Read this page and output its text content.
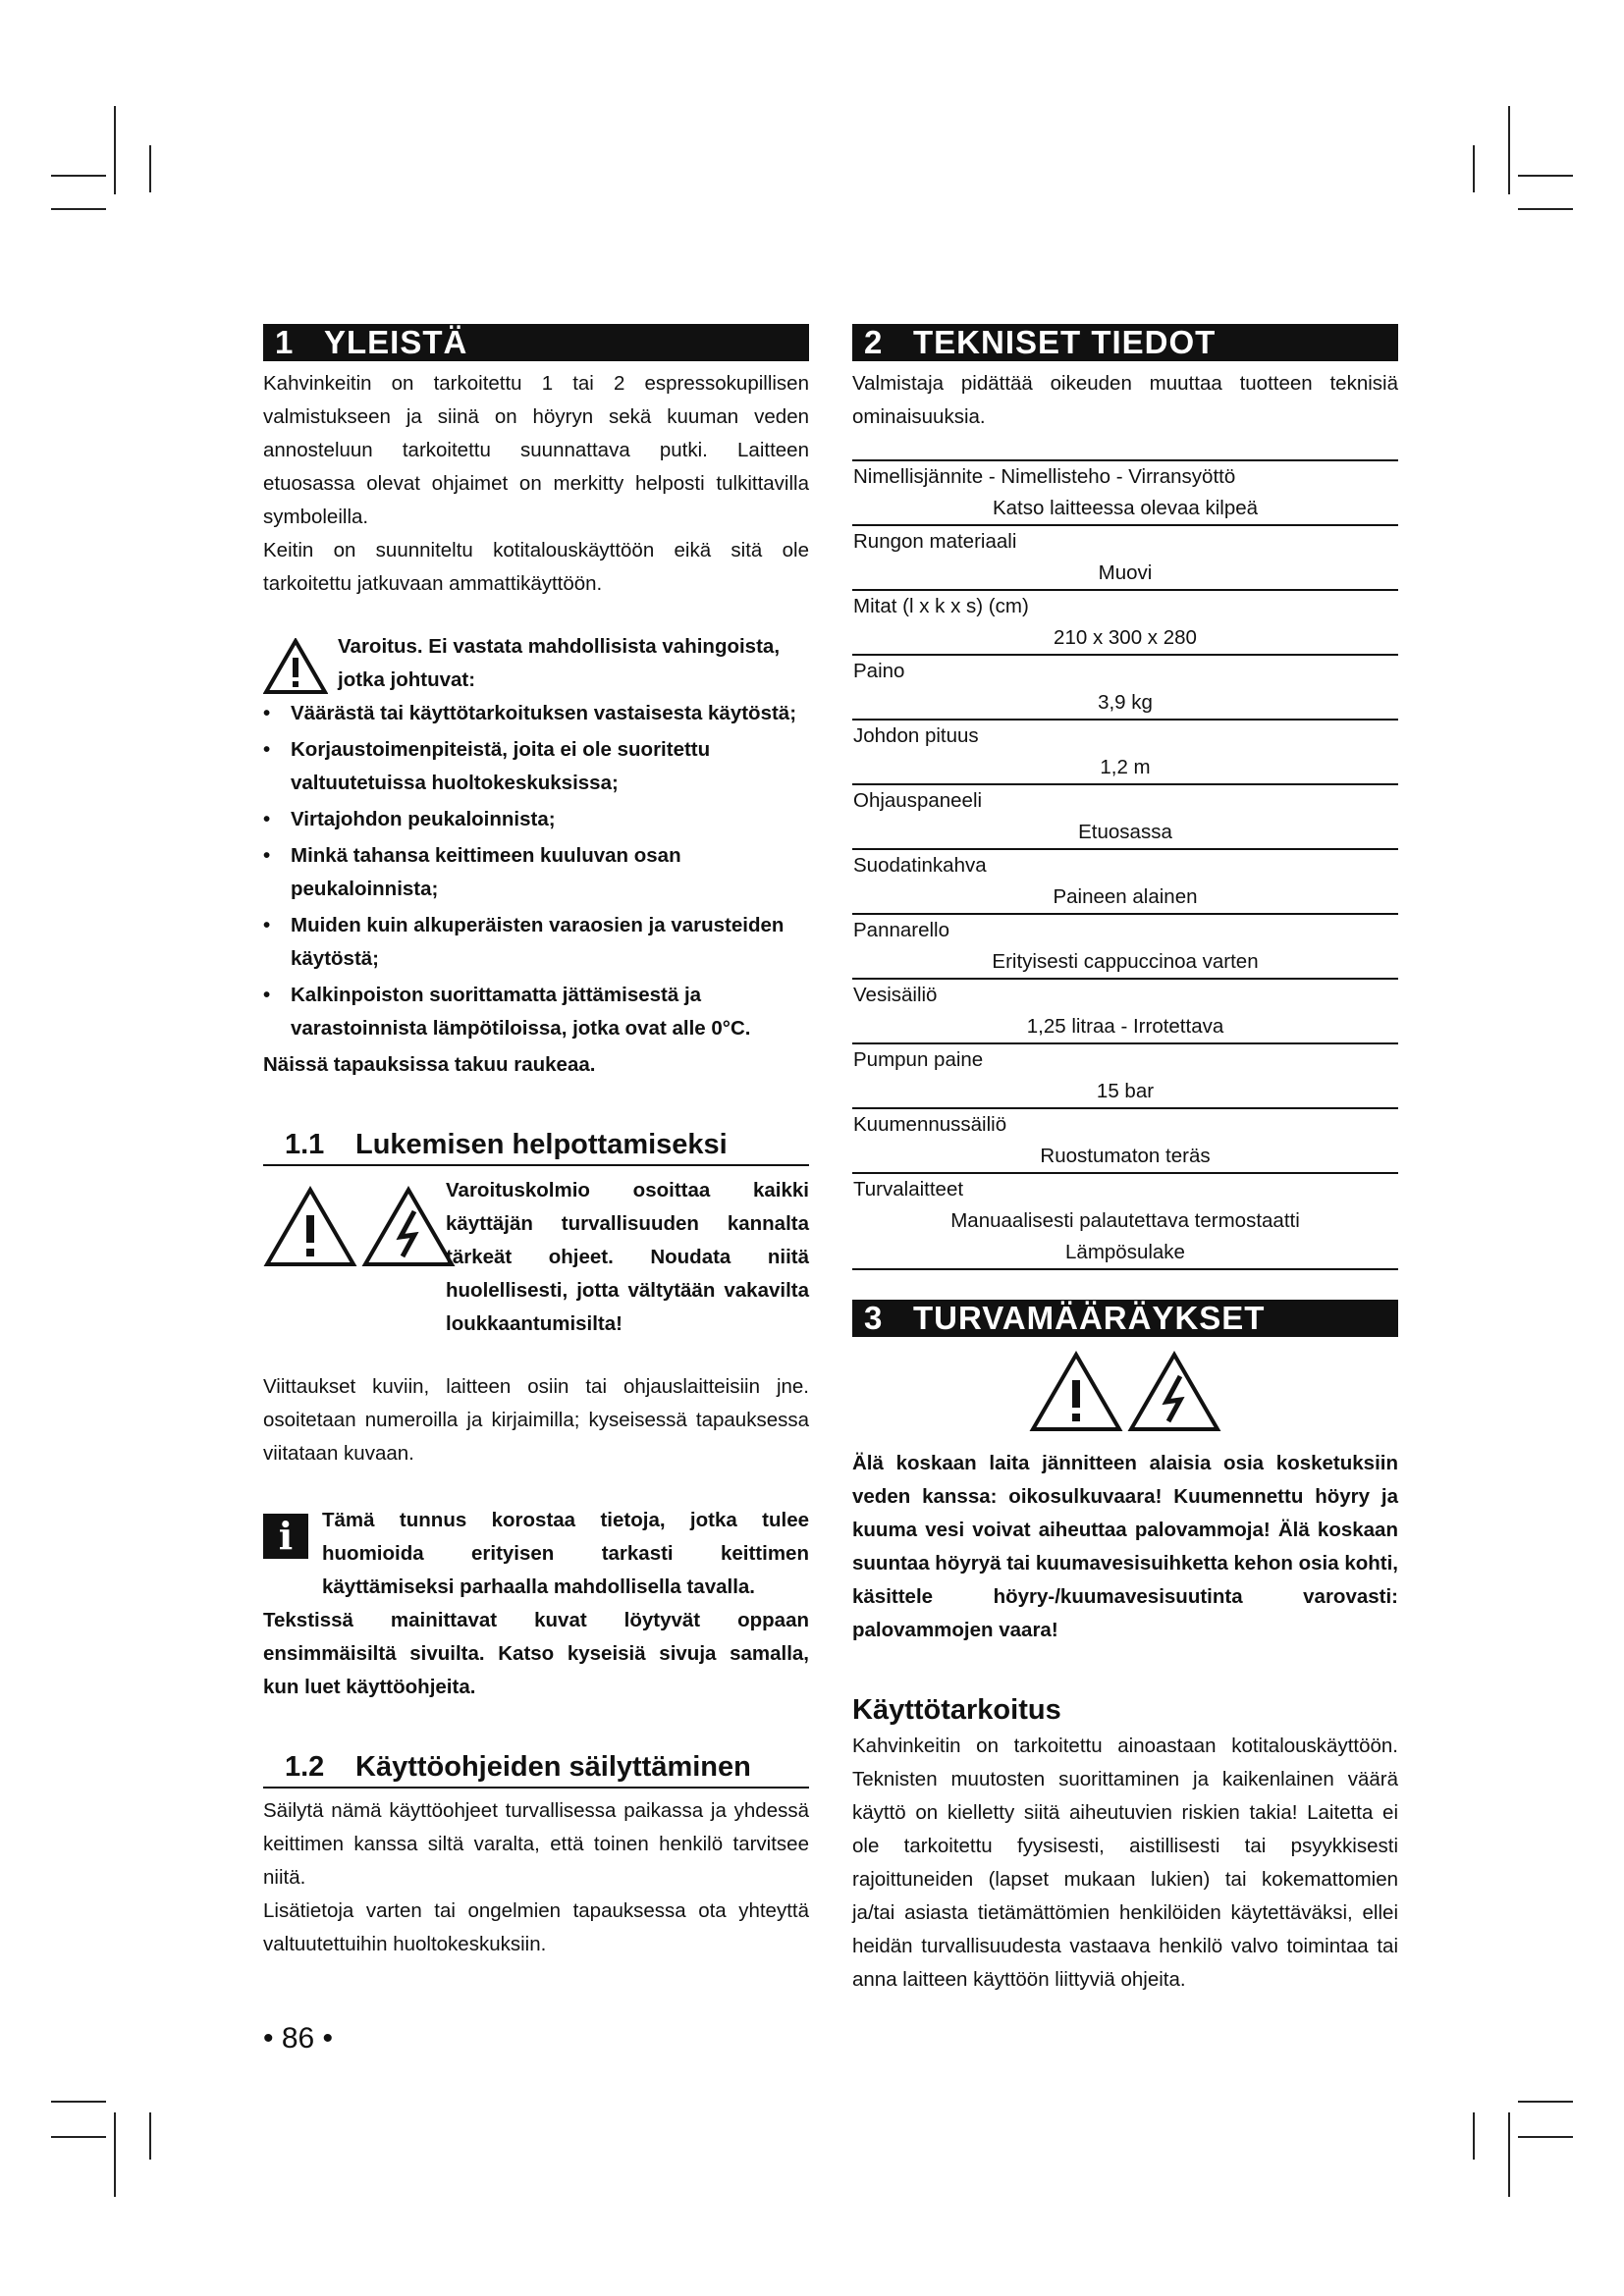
1 YLEISTÄ

Kahvinkeitin on tarkoitettu 1 tai 2 espressokupillisen valmistukseen ja siinä on höyryn sekä kuuman veden annosteluun tarkoitettu suunnattava putki. Laitteen etuosassa olevat ohjaimet on merkitty helposti tulkittavilla symboleilla.

Keitin on suunniteltu kotitalouskäyttöön eikä sitä ole tarkoitettu jatkuvaan ammattikäyttöön.

Varoitus. Ei vastata mahdollisista vahingoista, jotka johtuvat:
• Väärästä tai käyttötarkoituksen vastaisesta käytöstä;
• Korjaustoimenpiteistä, joita ei ole suoritettu valtuutetuissa huoltokeskuksissa;
• Virtajohdon peukaloinnista;
• Minkä tahansa keittimeen kuuluvan osan peukaloinnista;
• Muiden kuin alkuperäisten varaosien ja varusteiden käytöstä;
• Kalkinpoiston suorittamatta jättämisestä ja varastoinnista lämpötiloissa, jotka ovat alle 0°C.

Näissä tapauksissa takuu raukeaa.

1.1 Lukemisen helpottamiseksi

Varoituskolmio osoittaa kaikki käyttäjän turvallisuuden kannalta tärkeät ohjeet. Noudata niitä huolellisesti, jotta vältytään vakavilta loukkaantumisilta!

Viittaukset kuviin, laitteen osiin tai ohjauslaitteisiin jne. osoitetaan numeroilla ja kirjaimilla; kyseisessä tapauksessa viitataan kuvaan.

i	Tämä tunnus korostaa tietoja, jotka tulee huomioida erityisen tarkasti keittimen käyttämiseksi parhaalla mahdollisella tavalla.

Tekstissä mainittavat kuvat löytyvät oppaan ensimmäisiltä sivuilta. Katso kyseisiä sivuja samalla, kun luet käyttöohjeita.

1.2 Käyttöohjeiden säilyttäminen

Säilytä nämä käyttöohjeet turvallisessa paikassa ja yhdessä keittimen kanssa siltä varalta, että toinen henkilö tarvitsee niitä.

Lisätietoja varten tai ongelmien tapauksessa ota yhteyttä valtuutettuihin huoltokeskuksiin.

2 TEKNISET TIEDOT

Valmistaja pidättää oikeuden muuttaa tuotteen teknisiä ominaisuuksia.

Nimellisjännite - Nimellisteho - Virransyöttö
Katso laitteessa olevaa kilpeä
Rungon materiaali
Muovi
Mitat (l x k x s) (cm)
210 x 300 x 280
Paino
3,9 kg
Johdon pituus
1,2 m
Ohjauspaneeli
Etuosassa
Suodatinkahva
Paineen alainen
Pannarello
Erityisesti cappuccinoa varten
Vesisäiliö
1,25 litraa - Irrotettava
Pumpun paine
15 bar
Kuumennussäiliö
Ruostumaton teräs
Turvalaitteet
Manuaalisesti palautettava termostaatti
Lämpösulake

3 TURVAMÄÄRÄYKSET

Älä koskaan laita jännitteen alaisia osia kosketuksiin veden kanssa: oikosulkuvaara! Kuumennettu höyry ja kuuma vesi voivat aiheuttaa palovammoja! Älä koskaan suuntaa höyryä tai kuumavesisuihketta kehon osia kohti, käsittele höyry-/kuumavesisuutinta varovasti: palovammojen vaara!

Käyttötarkoitus

Kahvinkeitin on tarkoitettu ainoastaan kotitalouskäyttöön. Teknisten muutosten suorittaminen ja kaikenlainen väärä käyttö on kielletty siitä aiheutuvien riskien takia! Laitetta ei ole tarkoitettu fyysisesti, aistillisesti tai psyykkisesti rajoittuneiden (lapset mukaan lukien) tai kokemattomien ja/tai asiasta tietämättömien henkilöiden käytettäväksi, ellei heidän turvallisuudesta vastaava henkilö valvo toimintaa tai anna laitteen käyttöön liittyviä ohjeita.

• 86 •
